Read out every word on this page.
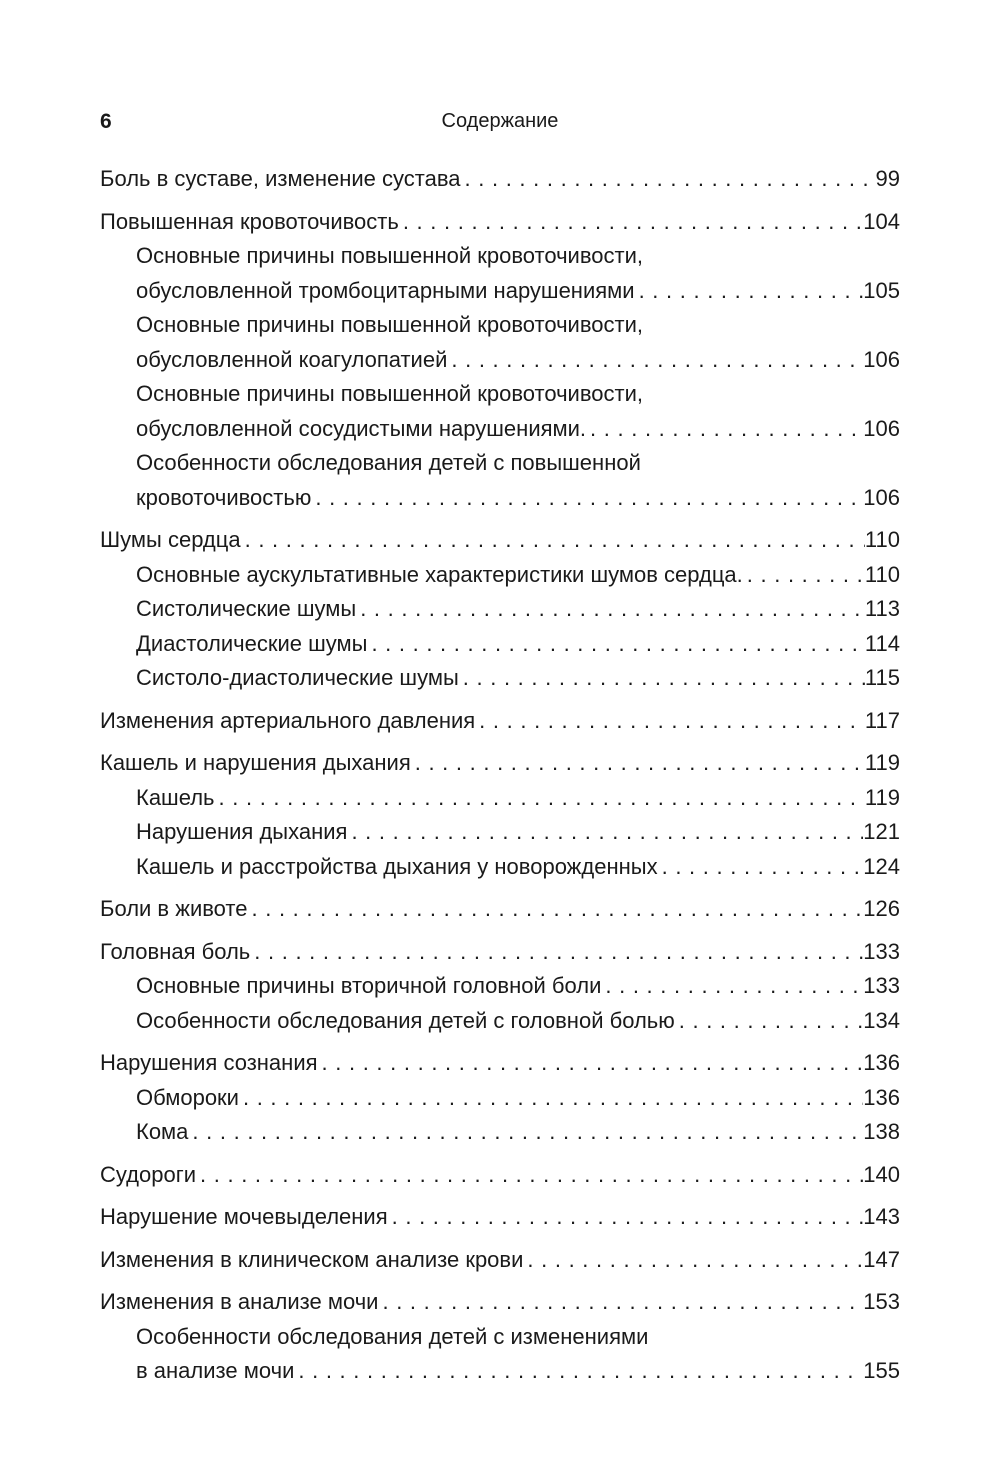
6	Содержание
Боль в суставе, изменение сустава . . .	99
Повышенная кровоточивость . . .	104
Основные причины повышенной кровоточивости,
обусловленной тромбоцитарными нарушениями . . .	105
Основные причины повышенной кровоточивости,
обусловленной коагулопатией . . .	106
Основные причины повышенной кровоточивости,
обусловленной сосудистыми нарушениями. . . .	106
Особенности обследования детей с повышенной
кровоточивостью . . .	106
Шумы сердца . . .	110
Основные аускультативные характеристики шумов сердца. . . .	110
Систолические шумы . . .	113
Диастолические шумы . . .	114
Систоло-диастолические шумы . . .	115
Изменения артериального давления . . .	117
Кашель и нарушения дыхания . . .	119
Кашель . . .	119
Нарушения дыхания . . .	121
Кашель и расстройства дыхания у новорожденных . . .	124
Боли в животе . . .	126
Головная боль . . .	133
Основные причины вторичной головной боли . . .	133
Особенности обследования детей с головной болью . . .	134
Нарушения сознания . . .	136
Обмороки . . .	136
Кома . . .	138
Судороги . . .	140
Нарушение мочевыделения . . .	143
Изменения в клиническом анализе крови . . .	147
Изменения в анализе мочи . . .	153
Особенности обследования детей с изменениями
в анализе мочи . . .	155
